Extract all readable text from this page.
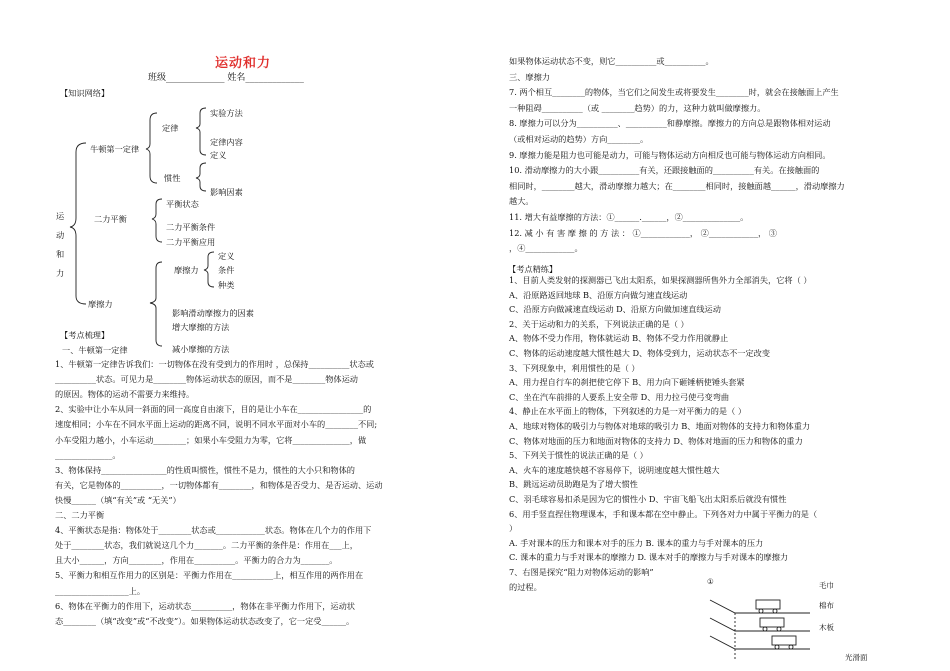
运动和力
班级_____________ 姓名_____________
【知识网络】
运
动
和
力
牛顿第一定律
定律
实验方法
定律内容
定义
惯性
影响因素
二力平衡
平衡状态
二力平衡条件
二力平衡应用
摩擦力
摩擦力
定义
条件
种类
影响滑动摩擦力的因素
增大摩擦的方法
减小摩擦的方法
【考点梳理】
一、牛顿第一定律
1、牛顿第一定律告诉我们：一切物体在没有受到力的作用时 ，总保持__________状态或
__________状态。可见力是________物体运动状态的原因，而不是________物体运动
的原因。物体的运动不需要力来维持。
2、实验中让小车从同一斜面的同一高度自由滚下，目的是让小车在________________的
速度相同；小车在不同水平面上运动的距离不同，说明不同水平面对小车的________不同;
小车受阻力越小，小车运动________；如果小车受阻力为零，它将______________，做
______________。
3、物体保持________________的性质叫惯性，惯性不是力，惯性的大小只和物体的
有关，它是物体的__________，一切物体都有________，和物体是否受力、是否运动、运动
快慢______（填“有关”或 “无关”）
二、二力平衡
4、平衡状态是指：物体处于________状态或____________状态。物体在几个力的作用下
处于________状态，我们就说这几个力_______。二力平衡的条件是：作用在___上，
且大小______，方向________，作用在__________。平衡力的合力为_______。
5、平衡力和相互作用力的区别是：平衡力作用在__________上，相互作用的两作用在
__________________上。
6、物体在平衡力的作用下，运动状态__________，物体在非平衡力作用下，运动状
态________（填“改变”或“不改变”）。如果物体运动状态改变了，它一定受______。
如果物体运动状态不变，则它__________或__________。
三、摩擦力
7. 两个相互________的物体，当它们之间发生或将要发生________时，就会在接触面上产生
一种阻碍__________（或 ________趋势）的力，这种力就叫做摩擦力。
8. 摩擦力可以分为__________、__________和静摩擦。摩擦力的方向总是跟物体相对运动
（或相对运动的趋势）方向________。
9. 摩擦力能是阻力也可能是动力，可能与物体运动方向相反也可能与物体运动方向相同。
10. 滑动摩擦力的大小跟__________有关，还跟接触面的__________有关。在接触面的
相同时，________越大，滑动摩擦力越大；在________相同时，接触面越______，滑动摩擦力
越大。
11. 增大有益摩擦的方法：①______.______，②______________。
12. 减 小 有 害 摩 擦 的 方 法 ： ①____________， ②____________， ③
，④____________。
【考点精练】
1、目前人类发射的探测器已飞出太阳系，如果探测器所售外力全部消失，它将（ ）
A、沿原路返回地球 B、沿原方向做匀速直线运动
C、沿原方向做减速直线运动 D、沿原方向做加速直线运动
2、关于运动和力的关系，下列说法正确的是（ ）
A、物体不受力作用，物体就运动 B、物体不受力作用就静止
C、物体的运动速度越大惯性越大 D、物体受到力，运动状态不一定改变
3、下列现象中，利用惯性的是（ ）
A、用力捏自行车的刹把使它停下 B、用力向下砸锤柄使锤头套紧
C、坐在汽车前排的人要系上安全带 D、用力拉弓使弓变弯曲
4、静止在水平面上的物体，下列叙述的力是一对平衡力的是（ ）
A、地球对物体的吸引力与物体对地球的吸引力 B、地面对物体的支持力和物体重力
C、物体对地面的压力和地面对物体的支持力 D、物体对地面的压力和物体的重力
5、下列关于惯性的说法正确的是（ ）
A、火车的速度越快越不容易停下，说明速度越大惯性越大
B、跳远运动员助跑是为了增大惯性
C、羽毛球容易扣杀是因为它的惯性小 D、宇宙飞船飞出太阳系后就没有惯性
6、用手竖直捏住物理课本，手和课本都在空中静止。下列各对力中属于平衡力的是（
）
A. 手对课本的压力和课本对手的压力 B. 课本的重力与手对课本的压力
C. 课本的重力与手对课本的摩擦力 D. 课本对手的摩擦力与手对课本的摩擦力
7、右图是探究“阻力对物体运动的影响”
的过程。
①	毛巾
棉布
木板
光滑面
